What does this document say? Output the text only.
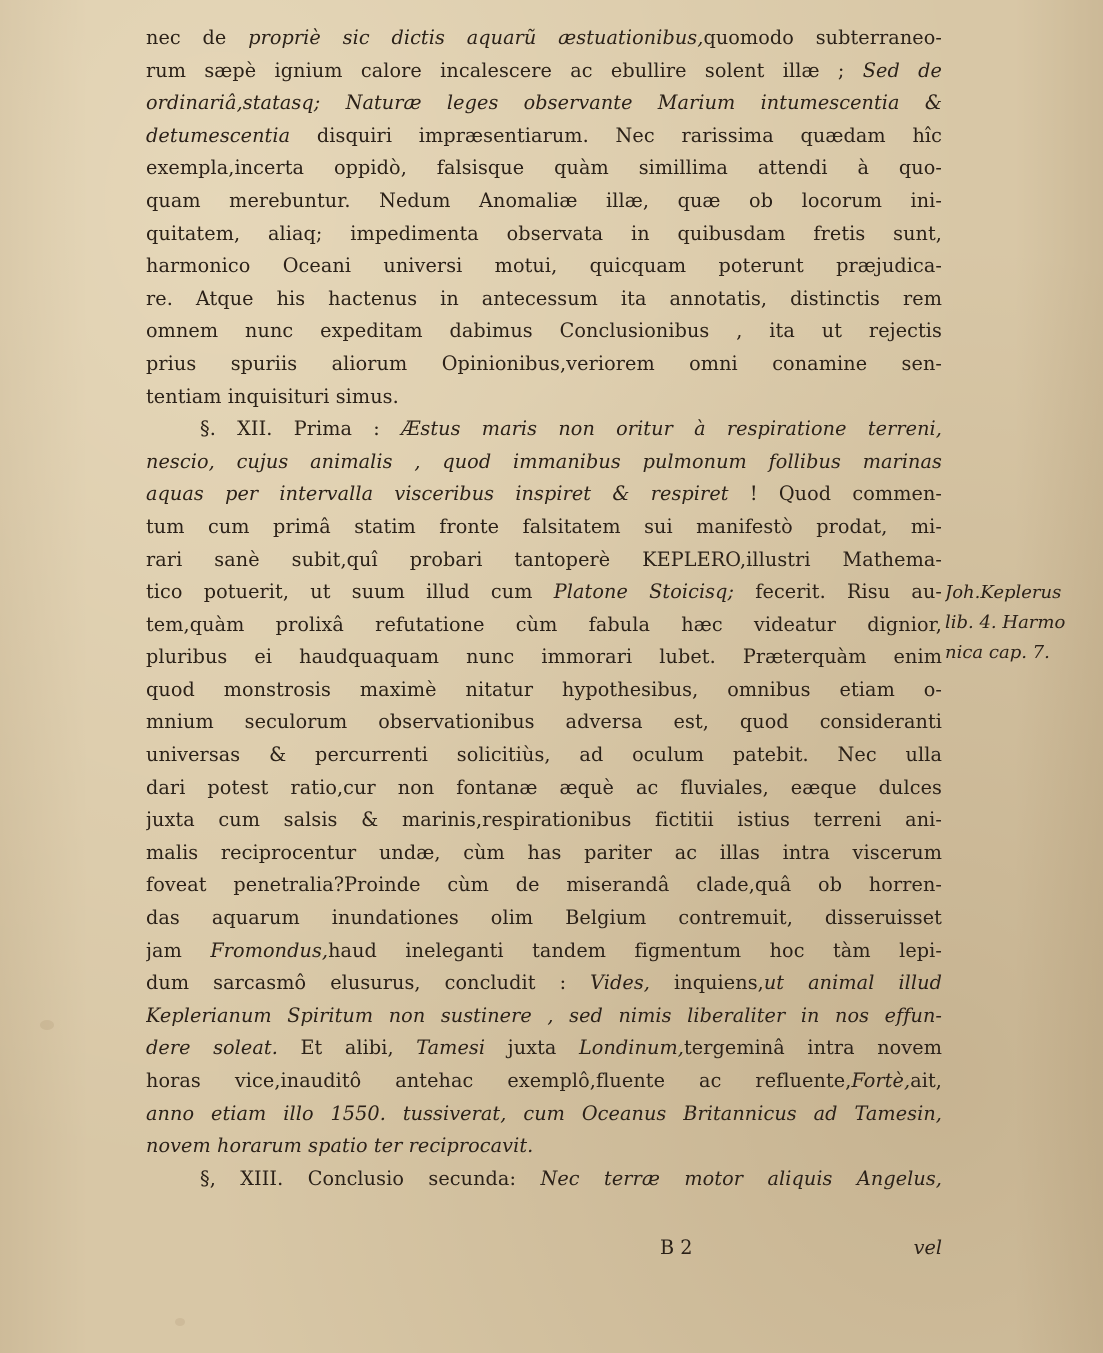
nec de propriè sic dictis aquarũ æstuationibus,quomodo subterraneo-
rum sæpè ignium calore incalescere ac ebullire solent illæ ; Sed de
ordinariâ,statasq; Naturæ leges observante Marium intumescentia &
detumescentia disquiri impræsentiarum. Nec rarissima quædam hîc
exempla,incerta oppidò, falsisque quàm simillima attendi à quo-
quam merebuntur. Nedum Anomaliæ illæ, quæ ob locorum ini-
quitatem, aliaq; impedimenta observata in quibusdam fretis sunt,
harmonico Oceani universi motui, quicquam poterunt præjudica-
re. Atque his hactenus in antecessum ita annotatis, distinctis rem
omnem nunc expeditam dabimus Conclusionibus , ita ut rejectis
prius spuriis aliorum Opinionibus,veriorem omni conamine sen-
tentiam inquisituri simus.
§. XII. Prima : Æstus maris non oritur à respiratione terreni,
nescio, cujus animalis , quod immanibus pulmonum follibus marinas
aquas per intervalla visceribus inspiret & respiret ! Quod commen-
tum cum primâ statim fronte falsitatem sui manifestò prodat, mi-
rari sanè subit,quî probari tantoperè KEPLERO,illustri Mathema-
tico potuerit, ut suum illud cum Platone Stoicisq; fecerit. Risu au-
tem,quàm prolixâ refutatione cùm fabula hæc videatur dignior,
pluribus ei haudquaquam nunc immorari lubet. Præterquàm enim
quod monstrosis maximè nitatur hypothesibus, omnibus etiam o-
mnium seculorum observationibus adversa est, quod consideranti
universas & percurrenti solicitiùs, ad oculum patebit. Nec ulla
dari potest ratio,cur non fontanæ æquè ac fluviales, eæque dulces
juxta cum salsis & marinis,respirationibus fictitii istius terreni ani-
malis reciprocentur undæ, cùm has pariter ac illas intra viscerum
foveat penetralia?Proinde cùm de miserandâ clade,quâ ob horren-
das aquarum inundationes olim Belgium contremuit, disseruisset
jam Fromondus,haud ineleganti tandem figmentum hoc tàm lepi-
dum sarcasmô elusurus, concludit : Vides, inquiens,ut animal illud
Keplerianum Spiritum non sustinere , sed nimis liberaliter in nos effun-
dere soleat. Et alibi, Tamesi juxta Londinum,tergeminâ intra novem
horas vice,inauditô antehac exemplô,fluente ac refluente,Fortè,ait,
anno etiam illo 1550. tussiverat, cum Oceanus Britannicus ad Tamesin,
novem horarum spatio ter reciprocavit.
§, XIII. Conclusio secunda: Nec terræ motor aliquis Angelus,
Joh.Keplerus
lib. 4. Harmo
nica cap. 7.
B 2	vel
